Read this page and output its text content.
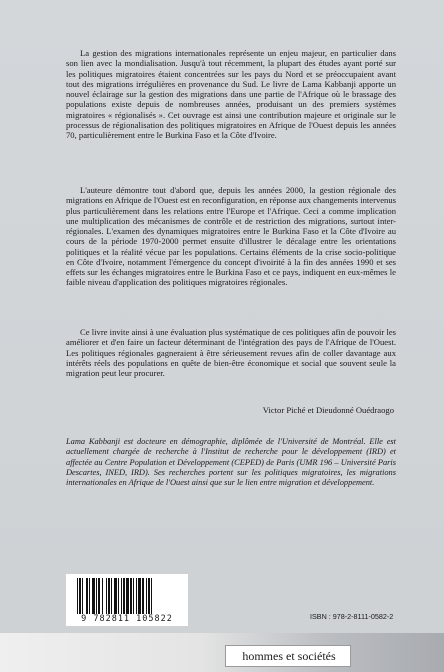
La gestion des migrations internationales représente un enjeu majeur, en particulier dans son lien avec la mondialisation. Jusqu'à tout récemment, la plupart des études ayant porté sur les politiques migratoires étaient concentrées sur les pays du Nord et se préoccupaient avant tout des migrations irrégulières en provenance du Sud. Le livre de Lama Kabbanji apporte un nouvel éclairage sur la gestion des migrations dans une partie de l'Afrique où le brassage des populations existe depuis de nombreuses années, produisant un des premiers systèmes migratoires « régionalisés ». Cet ouvrage est ainsi une contribution majeure et originale sur le processus de régionalisation des politiques migratoires en Afrique de l'Ouest depuis les années 70, particulièrement entre le Burkina Faso et la Côte d'Ivoire.

L'auteure démontre tout d'abord que, depuis les années 2000, la gestion régionale des migrations en Afrique de l'Ouest est en reconfiguration, en réponse aux changements intervenus plus particulièrement dans les relations entre l'Europe et l'Afrique. Ceci a comme implication une multiplication des mécanismes de contrôle et de restriction des migrations, surtout inter-régionales. L'examen des dynamiques migratoires entre le Burkina Faso et la Côte d'Ivoire au cours de la période 1970-2000 permet ensuite d'illustrer le décalage entre les orientations politiques et la réalité vécue par les populations. Certains éléments de la crise socio-politique en Côte d'Ivoire, notamment l'émergence du concept d'ivoirité à la fin des années 1990 et ses effets sur les échanges migratoires entre le Burkina Faso et ce pays, indiquent en eux-mêmes le faible niveau d'application des politiques migratoires régionales.

Ce livre invite ainsi à une évaluation plus systématique de ces politiques afin de pouvoir les améliorer et d'en faire un facteur déterminant de l'intégration des pays de l'Afrique de l'Ouest. Les politiques régionales gagneraient à être sérieusement revues afin de coller davantage aux intérêts réels des populations en quête de bien-être économique et social que souvent seule la migration peut leur procurer.

Victor Piché et Dieudonné Ouédraogo

Lama Kabbanji est docteure en démographie, diplômée de l'Université de Montréal. Elle est actuellement chargée de recherche à l'Institut de recherche pour le développement (IRD) et affectée au Centre Population et Développement (CEPED) de Paris (UMR 196 – Université Paris Descartes, INED, IRD). Ses recherches portent sur les politiques migratoires, les migrations internationales en Afrique de l'Ouest ainsi que sur le lien entre migration et développement.

9 782811 105822	ISBN : 978-2-8111-0582-2
hommes et sociétés
